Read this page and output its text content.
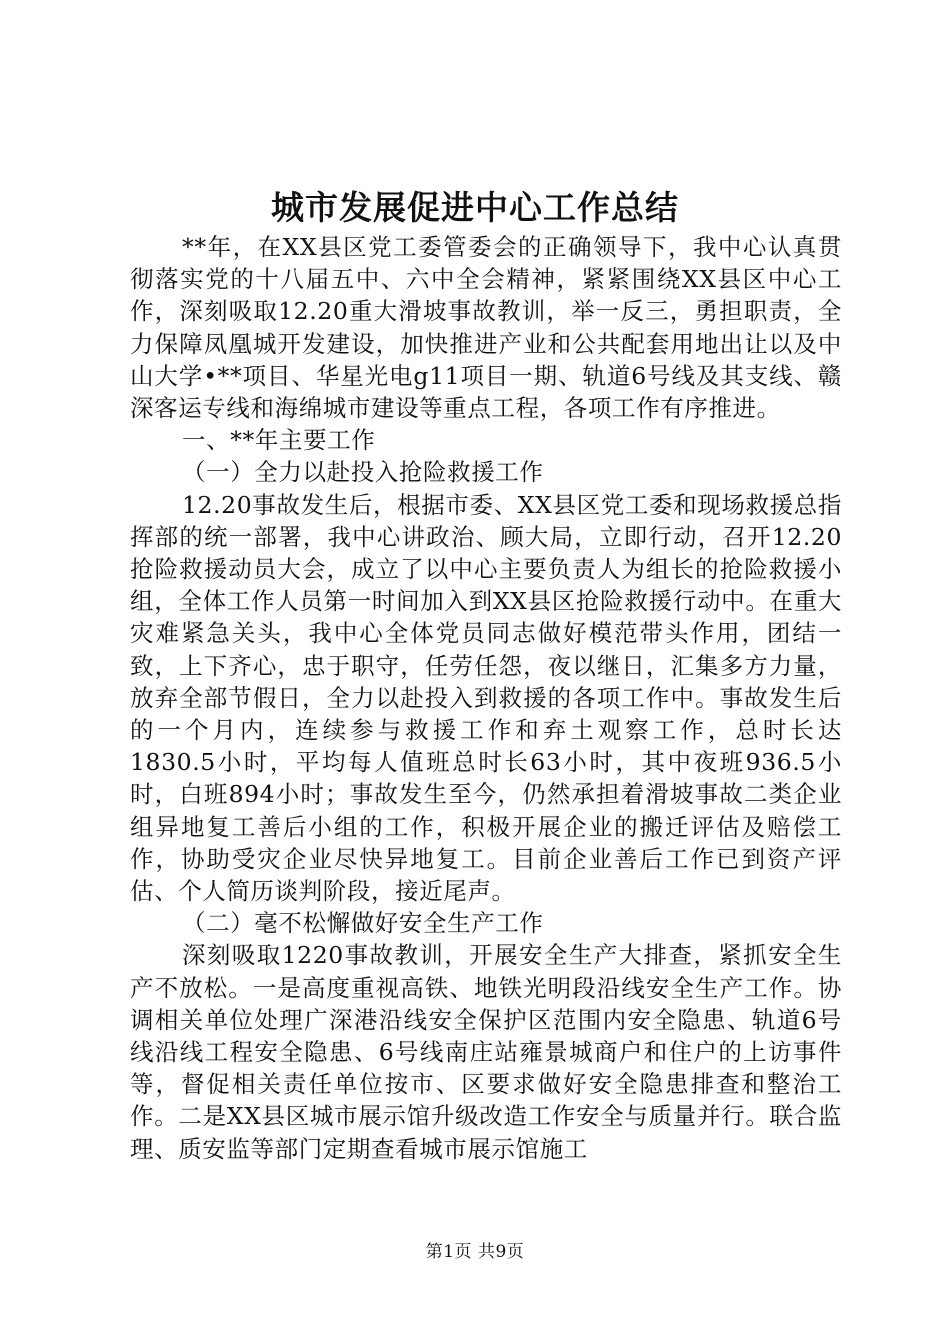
城市发展促进中心工作总结

**年，在XX县区党工委管委会的正确领导下，我中心认真贯彻落实党的十八届五中、六中全会精神，紧紧围绕XX县区中心工作，深刻吸取12.20重大滑坡事故教训，举一反三，勇担职责，全力保障凤凰城开发建设，加快推进产业和公共配套用地出让以及中山大学•**项目、华星光电g11项目一期、轨道6号线及其支线、赣深客运专线和海绵城市建设等重点工程，各项工作有序推进。

一、**年主要工作

（一）全力以赴投入抢险救援工作

12.20事故发生后，根据市委、XX县区党工委和现场救援总指挥部的统一部署，我中心讲政治、顾大局，立即行动，召开12.20抢险救援动员大会，成立了以中心主要负责人为组长的抢险救援小组，全体工作人员第一时间加入到XX县区抢险救援行动中。在重大灾难紧急关头，我中心全体党员同志做好模范带头作用，团结一致，上下齐心，忠于职守，任劳任怨，夜以继日，汇集多方力量，放弃全部节假日，全力以赴投入到救援的各项工作中。事故发生后的一个月内，连续参与救援工作和弃土观察工作，总时长达1830.5小时，平均每人值班总时长63小时，其中夜班936.5小时，白班894小时；事故发生至今，仍然承担着滑坡事故二类企业组异地复工善后小组的工作，积极开展企业的搬迁评估及赔偿工作，协助受灾企业尽快异地复工。目前企业善后工作已到资产评估、个人简历谈判阶段，接近尾声。

（二）毫不松懈做好安全生产工作

深刻吸取1220事故教训，开展安全生产大排查，紧抓安全生产不放松。一是高度重视高铁、地铁光明段沿线安全生产工作。协调相关单位处理广深港沿线安全保护区范围内安全隐患、轨道6号线沿线工程安全隐患、6号线南庄站雍景城商户和住户的上访事件等，督促相关责任单位按市、区要求做好安全隐患排查和整治工作。二是XX县区城市展示馆升级改造工作安全与质量并行。联合监理、质安监等部门定期查看城市展示馆施工

第1页 共9页
